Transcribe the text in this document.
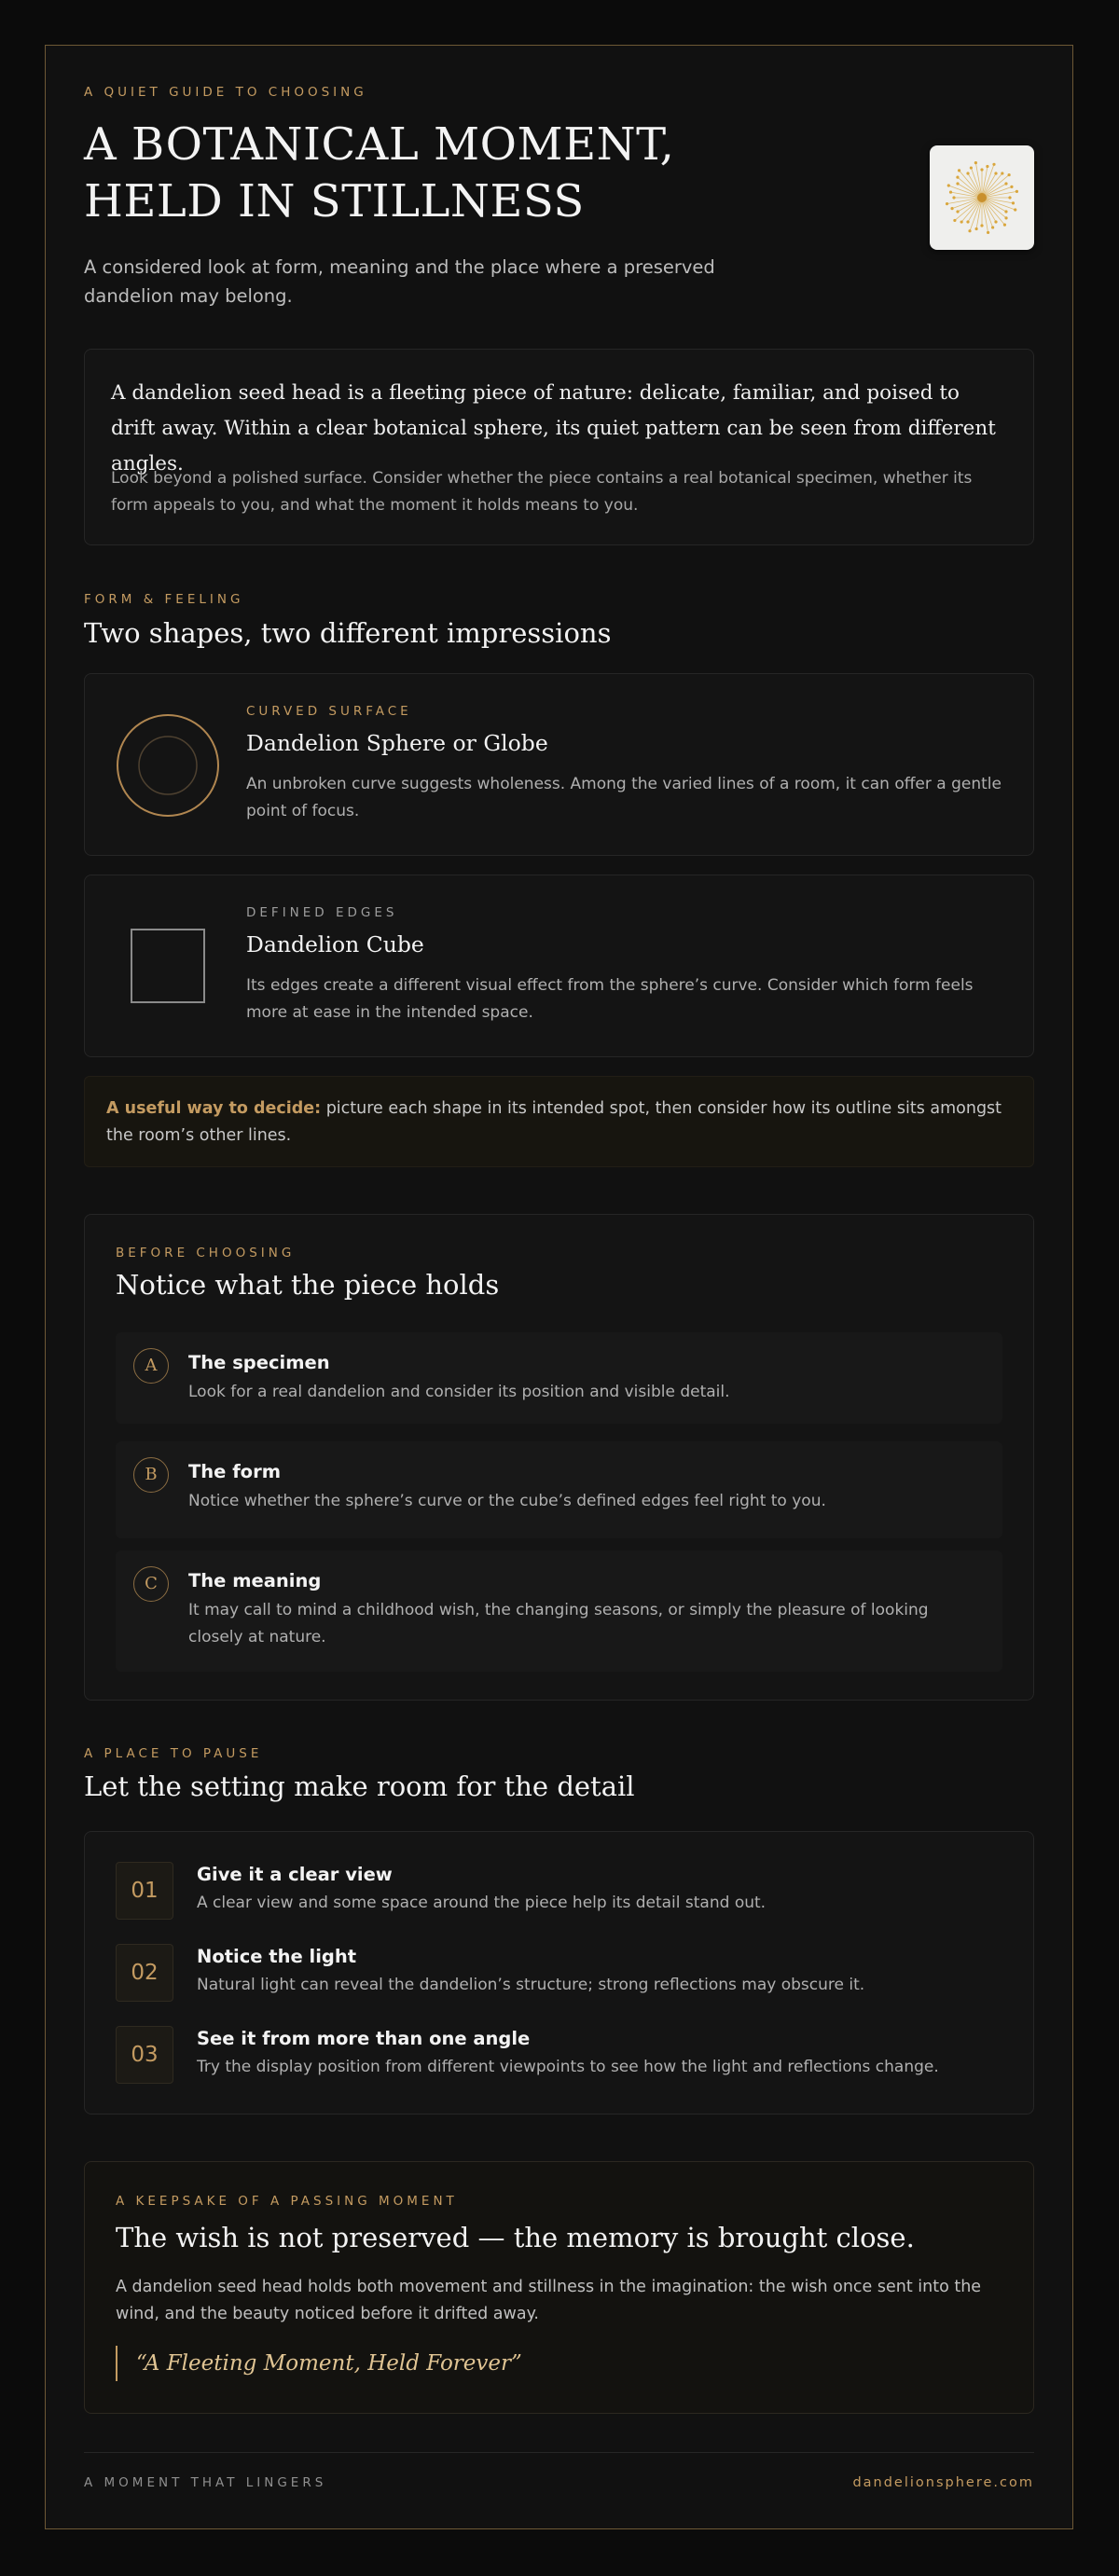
A QUIET GUIDE TO CHOOSING
A BOTANICAL MOMENT,
HELD IN STILLNESS
A considered look at form, meaning and the place where a preserved dandelion may belong.
A dandelion seed head is a fleeting piece of nature: delicate, familiar, and poised to drift away. Within a clear botanical sphere, its quiet pattern can be seen from different angles.
Look beyond a polished surface. Consider whether the piece contains a real botanical specimen, whether its form appeals to you, and what the moment it holds means to you.
FORM & FEELING
Two shapes, two different impressions
CURVED SURFACE
Dandelion Sphere or Globe
An unbroken curve suggests wholeness. Among the varied lines of a room, it can offer a gentle point of focus.
DEFINED EDGES
Dandelion Cube
Its edges create a different visual effect from the sphere’s curve. Consider which form feels more at ease in the intended space.
A useful way to decide: picture each shape in its intended spot, then consider how its outline sits amongst the room’s other lines.
BEFORE CHOOSING
Notice what the piece holds
A	The specimen
Look for a real dandelion and consider its position and visible detail.
B	The form
Notice whether the sphere’s curve or the cube’s defined edges feel right to you.
C	The meaning
It may call to mind a childhood wish, the changing seasons, or simply the pleasure of looking closely at nature.
A PLACE TO PAUSE
Let the setting make room for the detail
01
Give it a clear view
A clear view and some space around the piece help its detail stand out.
02
Notice the light
Natural light can reveal the dandelion’s structure; strong reflections may obscure it.
03
See it from more than one angle
Try the display position from different viewpoints to see how the light and reflections change.
A KEEPSAKE OF A PASSING MOMENT
The wish is not preserved — the memory is brought close.
A dandelion seed head holds both movement and stillness in the imagination: the wish once sent into the wind, and the beauty noticed before it drifted away.
“A Fleeting Moment, Held Forever”
A MOMENT THAT LINGERS	dandelionsphere.com
